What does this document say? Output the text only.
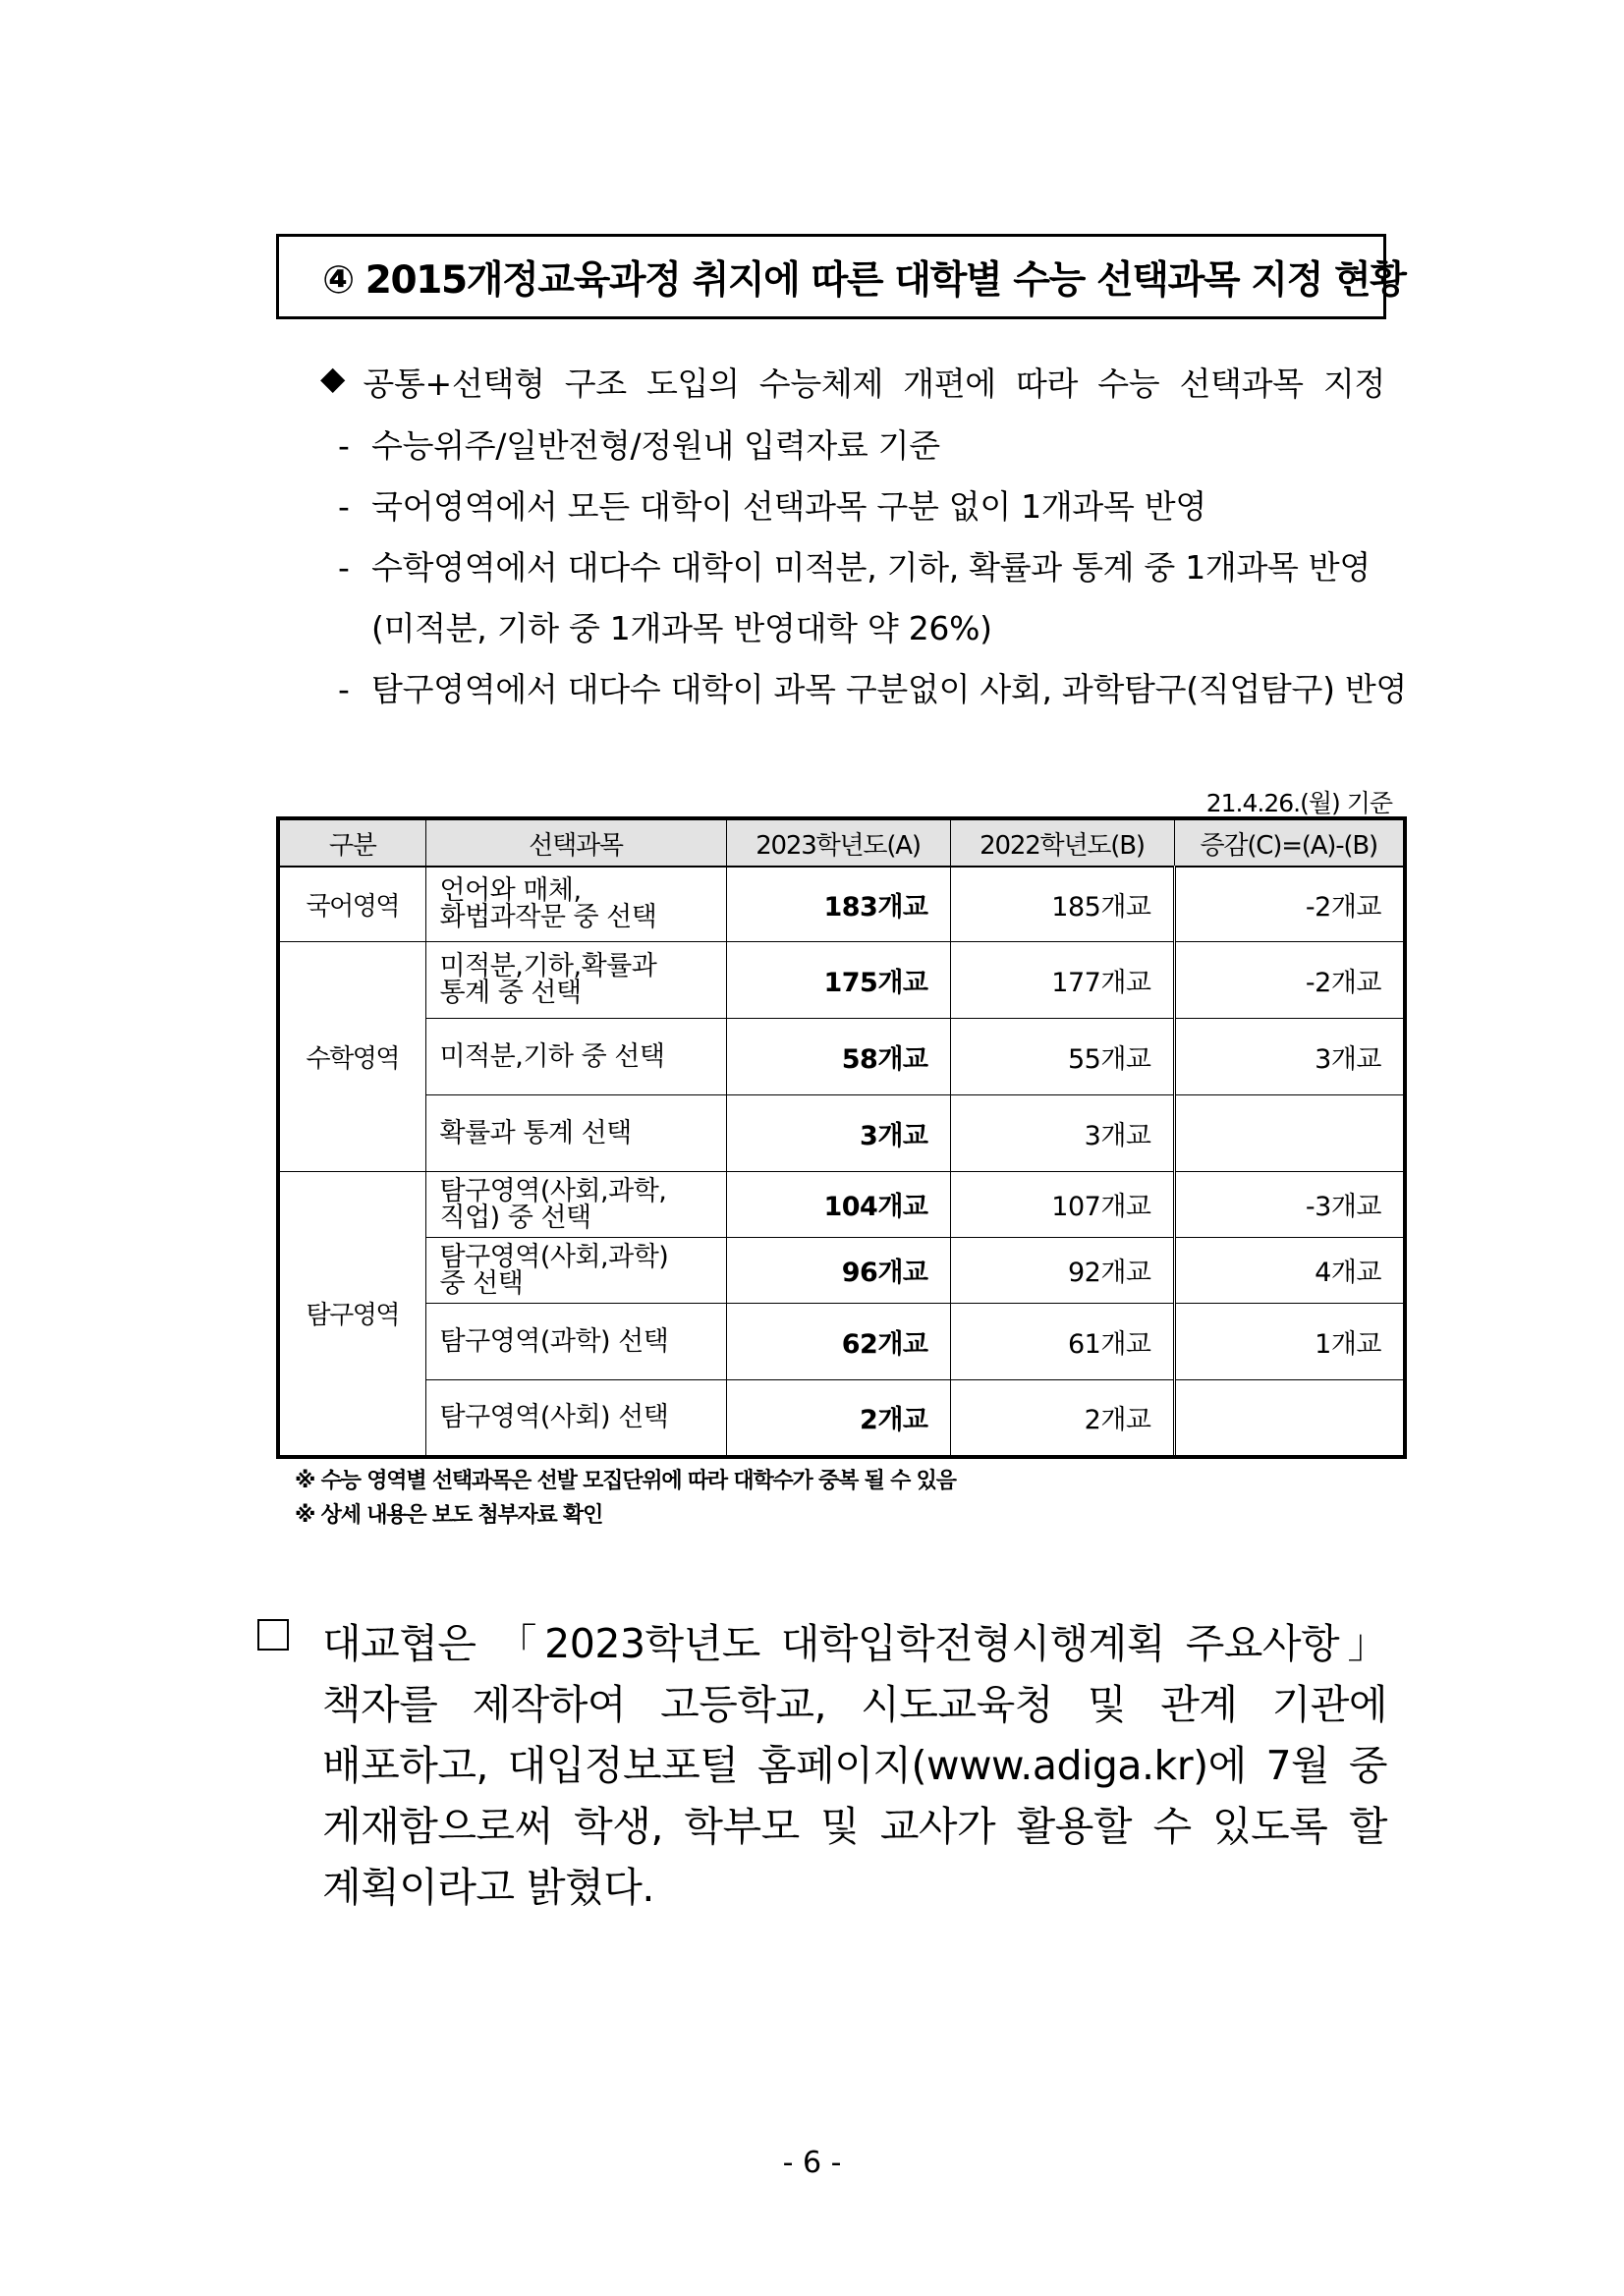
④ 2015개정교육과정 취지에 따른 대학별 수능 선택과목 지정 현황
◆ 공통+선택형 구조 도입의 수능체제 개편에 따라 수능 선택과목 지정
- 수능위주/일반전형/정원내 입력자료 기준
- 국어영역에서 모든 대학이 선택과목 구분 없이 1개과목 반영
- 수학영역에서 대다수 대학이 미적분, 기하, 확률과 통계 중 1개과목 반영
(미적분, 기하 중 1개과목 반영대학 약 26%)
- 탐구영역에서 대다수 대학이 과목 구분없이 사회, 과학탐구(직업탐구) 반영
21.4.26.(월) 기준
구분	선택과목	2023학년도(A)	2022학년도(B)	증감(C)=(A)-(B)
국어영역	언어와 매체,
화법과작문 중 선택	183개교	185개교	-2개교
수학영역	미적분,기하,확률과
통계 중 선택	175개교	177개교	-2개교
	미적분,기하 중 선택	58개교	55개교	3개교
	확률과 통계 선택	3개교	3개교	
탐구영역	탐구영역(사회,과학,
직업) 중 선택	104개교	107개교	-3개교

	탐구영역(사회,과학)
중 선택	96개교	92개교	4개교
	탐구영역(과학) 선택	62개교	61개교	1개교
	탐구영역(사회) 선택	2개교	2개교	
※ 수능 영역별 선택과목은 선발 모집단위에 따라 대학수가 중복 될 수 있음
※ 상세 내용은 보도 첨부자료 확인
대교협은 「2023학년도 대학입학전형시행계획 주요사항」
책자를 제작하여 고등학교, 시도교육청 및 관계 기관에
배포하고, 대입정보포털 홈페이지(www.adiga.kr)에 7월 중
게재함으로써 학생, 학부모 및 교사가 활용할 수 있도록 할
계획이라고 밝혔다.
- 6 -
